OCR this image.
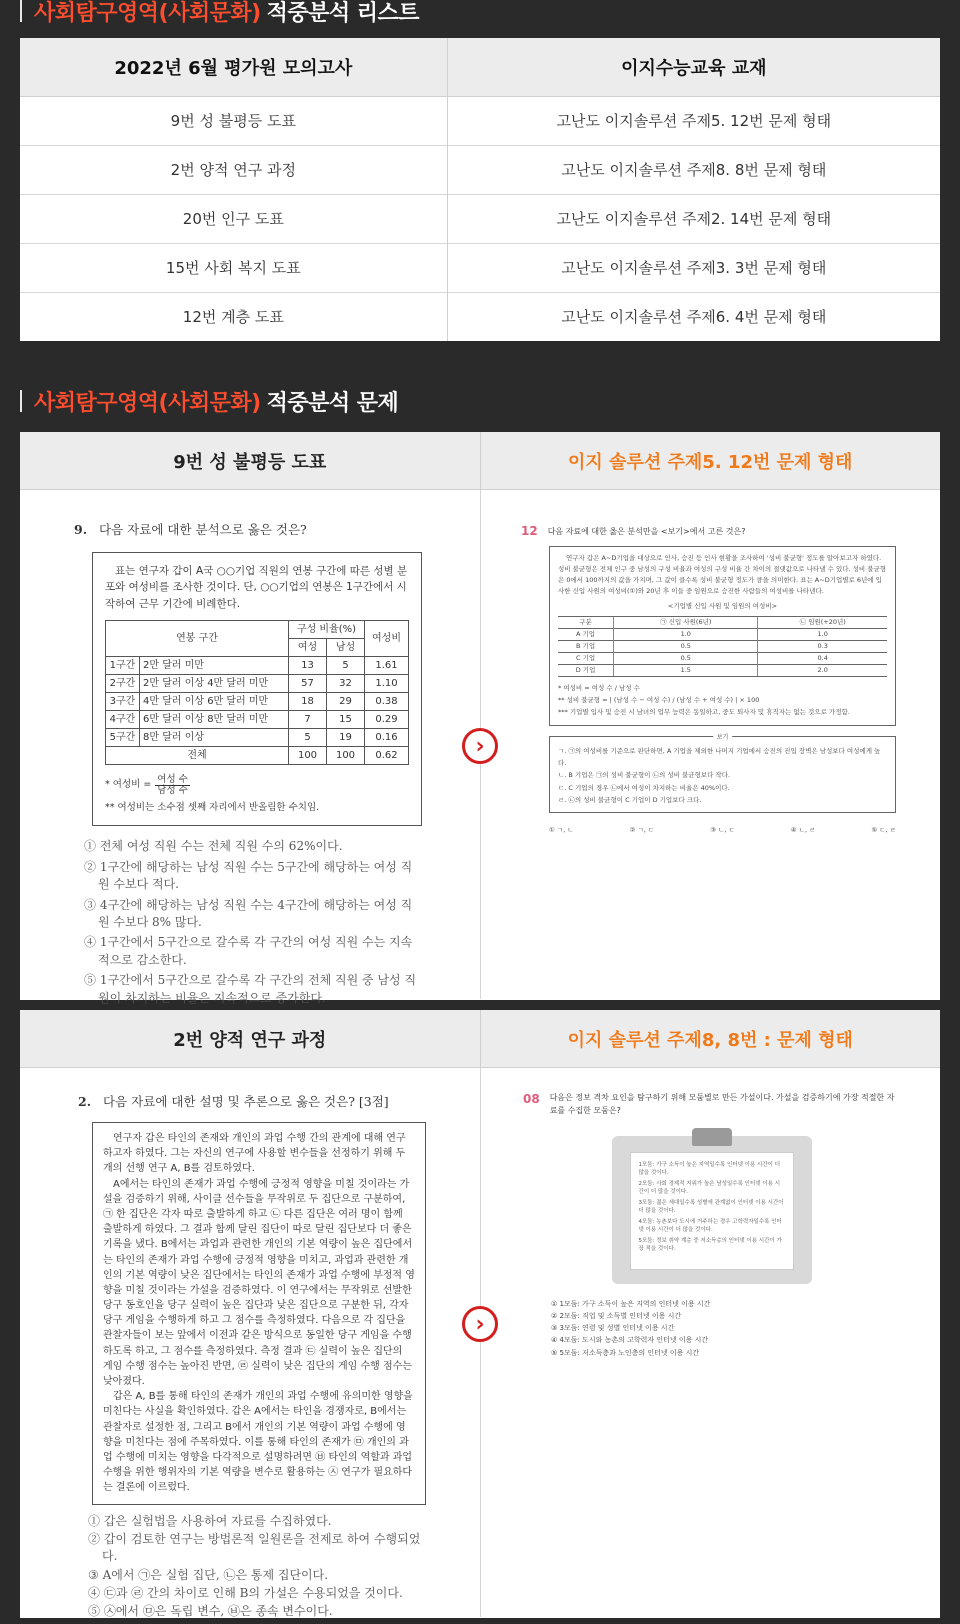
사회탐구영역(사회문화) 적중분석 리스트
2022년 6월 평가원 모의고사	이지수능교육 교재
9번 성 불평등 도표	고난도 이지솔루션 주제5. 12번 문제 형태
2번 양적 연구 과정	고난도 이지솔루션 주제8. 8번 문제 형태
20번 인구 도표	고난도 이지솔루션 주제2. 14번 문제 형태
15번 사회 복지 도표	고난도 이지솔루션 주제3. 3번 문제 형태
12번 계층 도표	고난도 이지솔루션 주제6. 4번 문제 형태
사회탐구영역(사회문화) 적중분석 문제
9번 성 불평등 도표	이지 솔루션 주제5. 12번 문제 형태
9. 다음 자료에 대한 분석으로 옳은 것은?
표는 연구자 갑이 A국 ○○기업 직원의 연봉 구간에 따른 성별 분포와 여성비를 조사한 것이다. 단, ○○기업의 연봉은 1구간에서 시작하여 근무 기간에 비례한다.
연봉 구간		구성 비율(%)		여성비
		여성	남성	
1구간	2만 달러 미만	13	5	1.61
2구간	2만 달러 이상 4만 달러 미만	57	32	1.10
3구간	4만 달러 이상 6만 달러 미만	18	29	0.38
4구간	6만 달러 이상 8만 달러 미만	7	15	0.29
5구간	8만 달러 이상	5	19	0.16
전체		100	100	0.62
* 여성비 =
여성 수
남성 수
** 여성비는 소수점 셋째 자리에서 반올림한 수치임.
① 전체 여성 직원 수는 전체 직원 수의 62%이다.
② 1구간에 해당하는 남성 직원 수는 5구간에 해당하는 여성 직원 수보다 적다.
③ 4구간에 해당하는 남성 직원 수는 4구간에 해당하는 여성 직원 수보다 8% 많다.
④ 1구간에서 5구간으로 갈수록 각 구간의 여성 직원 수는 지속적으로 감소한다.
⑤ 1구간에서 5구간으로 갈수록 각 구간의 전체 직원 중 남성 직원이 차지하는 비율은 지속적으로 증가한다.
12 다음 자료에 대한 옳은 분석만을 <보기>에서 고른 것은?
연구자 갑은 A~D기업을 대상으로 인사, 승진 등 인사 현황을 조사하여 '성비 불균형' 정도를 알아보고자 하였다. 성비 불균형은 전체 인구 중 남성의 구성 비율과 여성의 구성 비율 간 차이의 절댓값으로 나타낼 수 있다. 성비 불균형은 0에서 100까지의 값을 가지며, 그 값이 클수록 성비 불균형 정도가 큼을 의미한다. 표는 A~D기업별로 6년에 입사한 신입 사원의 여성비(①)와 20년 후 이들 중 임원으로 승진한 사람들의 여성비를 나타낸다.
<기업별 신입 사원 및 임원의 여성비>
구분	㉠ 신입 사원(6년)	㉡ 임원(+20년)
A 기업	1.0	1.0
B 기업	0.5	0.3
C 기업	0.5	0.4
D 기업	1.5	2.0
* 여성비 = 여성 수 / 남성 수
** 성비 불균형 = | (남성 수 − 여성 수) / (남성 수 + 여성 수) | × 100
*** 기업별 입사 및 승진 시 남녀의 업무 능력은 동일하고, 중도 퇴사자 및 휴직자는 없는 것으로 가정함.
보기
ㄱ. ㉠의 여성비를 기준으로 판단하면, A 기업을 제외한 나머지 기업에서 승진의 진입 장벽은 남성보다 여성에게 높다.
ㄴ. B 기업은 ㉠의 성비 불균형이 ㉡의 성비 불균형보다 작다.
ㄷ. C 기업의 경우 ㉡에서 여성이 차지하는 비율은 40%이다.
ㄹ. ㉡의 성비 불균형이 C 기업이 D 기업보다 크다.
① ㄱ, ㄴ	② ㄱ, ㄷ	③ ㄴ, ㄷ	④ ㄴ, ㄹ	⑤ ㄷ, ㄹ
›
2번 양적 연구 과정	이지 솔루션 주제8, 8번 : 문제 형태
2. 다음 자료에 대한 설명 및 추론으로 옳은 것은? [3점]
연구자 갑은 타인의 존재와 개인의 과업 수행 간의 관계에 대해 연구하고자 하였다. 그는 자신의 연구에 사용할 변수들을 선정하기 위해 두 개의 선행 연구 A, B를 검토하였다.
A에서는 타인의 존재가 과업 수행에 긍정적 영향을 미칠 것이라는 가설을 검증하기 위해, 사이클 선수들을 무작위로 두 집단으로 구분하여, ㉠ 한 집단은 각자 따로 출발하게 하고 ㉡ 다른 집단은 여러 명이 함께 출발하게 하였다. 그 결과 함께 달린 집단이 따로 달린 집단보다 더 좋은 기록을 냈다. B에서는 과업과 관련한 개인의 기본 역량이 높은 집단에서는 타인의 존재가 과업 수행에 긍정적 영향을 미치고, 과업과 관련한 개인의 기본 역량이 낮은 집단에서는 타인의 존재가 과업 수행에 부정적 영향을 미칠 것이라는 가설을 검증하였다. 이 연구에서는 무작위로 선발한 당구 동호인을 당구 실력이 높은 집단과 낮은 집단으로 구분한 뒤, 각자 당구 게임을 수행하게 하고 그 점수를 측정하였다. 다음으로 각 집단을 관찰자들이 보는 앞에서 이전과 같은 방식으로 동일한 당구 게임을 수행하도록 하고, 그 점수를 측정하였다. 측정 결과 ㉢ 실력이 높은 집단의 게임 수행 점수는 높아진 반면, ㉣ 실력이 낮은 집단의 게임 수행 점수는 낮아졌다.
갑은 A, B를 통해 타인의 존재가 개인의 과업 수행에 유의미한 영향을 미친다는 사실을 확인하였다. 갑은 A에서는 타인을 경쟁자로, B에서는 관찰자로 설정한 점, 그리고 B에서 개인의 기본 역량이 과업 수행에 영향을 미친다는 점에 주목하였다. 이를 통해 타인의 존재가 ㉤ 개인의 과업 수행에 미치는 영향을 다각적으로 설명하려면 ㉥ 타인의 역할과 과업 수행을 위한 행위자의 기본 역량을 변수로 활용하는 ㉦ 연구가 필요하다는 결론에 이르렀다.
① 갑은 실험법을 사용하여 자료를 수집하였다.
② 갑이 검토한 연구는 방법론적 일원론을 전제로 하여 수행되었다.
③ A에서 ㉠은 실험 집단, ㉡은 통제 집단이다.
④ ㉢과 ㉣ 간의 차이로 인해 B의 가설은 수용되었을 것이다.
⑤ ㉦에서 ㉤은 독립 변수, ㉥은 종속 변수이다.
08 다음은 정보 격차 요인을 탐구하기 위해 모둠별로 만든 가설이다. 가설을 검증하기에 가장 적절한 자료를 수집한 모둠은?
1모둠: 가구 소득이 높은 지역일수록 인터넷 이용 시간이 더 많을 것이다.
2모둠: 사회 경제적 지위가 높은 남성일수록 인터넷 이용 시간이 더 많을 것이다.
3모둠: 젊은 세대일수록 성별에 관계없이 인터넷 이용 시간이 더 많을 것이다.
4모둠: 농촌보다 도시에 거주하는 경우 고학력자일수록 인터넷 이용 시간이 더 많을 것이다.
5모둠: 정보 취약 계층 중 저소득층의 인터넷 이용 시간이 가장 적을 것이다.
① 1모둠: 가구 소득이 높은 지역의 인터넷 이용 시간
② 2모둠: 직업 및 소득별 인터넷 이용 시간
③ 3모둠: 연령 및 성별 인터넷 이용 시간
④ 4모둠: 도시와 농촌의 고학력자 인터넷 이용 시간
⑤ 5모둠: 저소득층과 노인층의 인터넷 이용 시간
›
